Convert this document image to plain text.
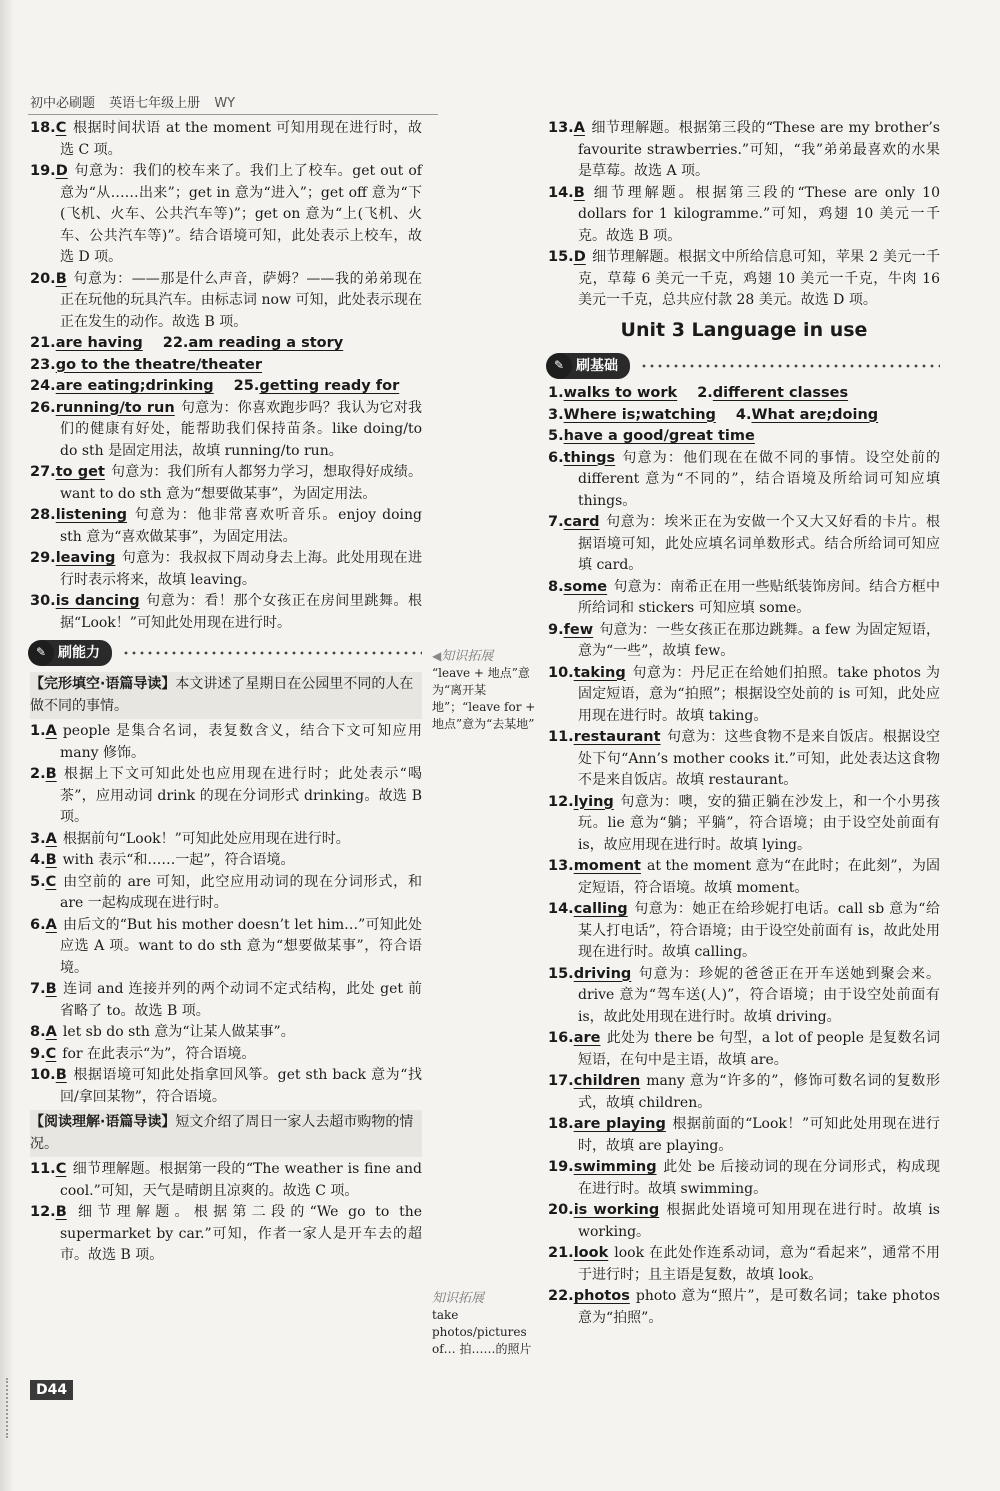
初中必刷题 英语七年级上册 WY
18.C 根据时间状语 at the moment 可知用现在进行时，故选 C 项。
19.D 句意为：我们的校车来了。我们上了校车。get out of 意为“从……出来”；get in 意为“进入”；get off 意为“下(飞机、火车、公共汽车等)”；get on 意为“上(飞机、火车、公共汽车等)”。结合语境可知，此处表示上校车，故选 D 项。
20.B 句意为：——那是什么声音，萨姆？——我的弟弟现在正在玩他的玩具汽车。由标志词 now 可知，此处表示现在正在发生的动作。故选 B 项。
21.are having 22.am reading a story
23.go to the theatre/theater
24.are eating;drinking 25.getting ready for
26.running/to run 句意为：你喜欢跑步吗？我认为它对我们的健康有好处，能帮助我们保持苗条。like doing/to do sth 是固定用法，故填 running/to run。
27.to get 句意为：我们所有人都努力学习，想取得好成绩。want to do sth 意为“想要做某事”，为固定用法。
28.listening 句意为：他非常喜欢听音乐。enjoy doing sth 意为“喜欢做某事”，为固定用法。
29.leaving 句意为：我叔叔下周动身去上海。此处用现在进行时表示将来，故填 leaving。
30.is dancing 句意为：看！那个女孩正在房间里跳舞。根据“Look！”可知此处用现在进行时。
✎ 刷能力
【完形填空·语篇导读】本文讲述了星期日在公园里不同的人在做不同的事情。
1.A people 是集合名词，表复数含义，结合下文可知应用 many 修饰。
2.B 根据上下文可知此处也应用现在进行时；此处表示“喝茶”，应用动词 drink 的现在分词形式 drinking。故选 B 项。
3.A 根据前句“Look！”可知此处应用现在进行时。
4.B with 表示“和……一起”，符合语境。
5.C 由空前的 are 可知，此空应用动词的现在分词形式，和 are 一起构成现在进行时。
6.A 由后文的“But his mother doesn’t let him…”可知此处应选 A 项。want to do sth 意为“想要做某事”，符合语境。
7.B 连词 and 连接并列的两个动词不定式结构，此处 get 前省略了 to。故选 B 项。
8.A let sb do sth 意为“让某人做某事”。
9.C for 在此表示“为”，符合语境。
10.B 根据语境可知此处指拿回风筝。get sth back 意为“找回/拿回某物”，符合语境。
【阅读理解·语篇导读】短文介绍了周日一家人去超市购物的情况。
11.C 细节理解题。根据第一段的“The weather is fine and cool.”可知，天气是晴朗且凉爽的。故选 C 项。
12.B 细节理解题。根据第二段的“We go to the supermarket by car.”可知，作者一家人是开车去的超市。故选 B 项。
◀知识拓展
“leave + 地点”意为“离开某地”；“leave for + 地点”意为“去某地”
知识拓展
take photos/pictures of… 拍……的照片
13.A 细节理解题。根据第三段的“These are my brother’s favourite strawberries.”可知，“我”弟弟最喜欢的水果是草莓。故选 A 项。
14.B 细节理解题。根据第三段的“These are only 10 dollars for 1 kilogramme.”可知，鸡翅 10 美元一千克。故选 B 项。
15.D 细节理解题。根据文中所给信息可知，苹果 2 美元一千克，草莓 6 美元一千克，鸡翅 10 美元一千克，牛肉 16 美元一千克，总共应付款 28 美元。故选 D 项。
Unit 3 Language in use
✎ 刷基础
1.walks to work 2.different classes
3.Where is;watching 4.What are;doing
5.have a good/great time
6.things 句意为：他们现在在做不同的事情。设空处前的 different 意为“不同的”，结合语境及所给词可知应填 things。
7.card 句意为：埃米正在为安做一个又大又好看的卡片。根据语境可知，此处应填名词单数形式。结合所给词可知应填 card。
8.some 句意为：南希正在用一些贴纸装饰房间。结合方框中所给词和 stickers 可知应填 some。
9.few 句意为：一些女孩正在那边跳舞。a few 为固定短语，意为“一些”，故填 few。
10.taking 句意为：丹尼正在给她们拍照。take photos 为固定短语，意为“拍照”；根据设空处前的 is 可知，此处应用现在进行时。故填 taking。
11.restaurant 句意为：这些食物不是来自饭店。根据设空处下句“Ann’s mother cooks it.”可知，此处表达这食物不是来自饭店。故填 restaurant。
12.lying 句意为：噢，安的猫正躺在沙发上，和一个小男孩玩。lie 意为“躺；平躺”，符合语境；由于设空处前面有 is，故应用现在进行时。故填 lying。
13.moment at the moment 意为“在此时；在此刻”，为固定短语，符合语境。故填 moment。
14.calling 句意为：她正在给珍妮打电话。call sb 意为“给某人打电话”，符合语境；由于设空处前面有 is，故此处用现在进行时。故填 calling。
15.driving 句意为：珍妮的爸爸正在开车送她到聚会来。drive 意为“驾车送(人)”，符合语境；由于设空处前面有 is，故此处用现在进行时。故填 driving。
16.are 此处为 there be 句型，a lot of people 是复数名词短语，在句中是主语，故填 are。
17.children many 意为“许多的”，修饰可数名词的复数形式，故填 children。
18.are playing 根据前面的“Look！”可知此处用现在进行时，故填 are playing。
19.swimming 此处 be 后接动词的现在分词形式，构成现在进行时。故填 swimming。
20.is working 根据此处语境可知用现在进行时。故填 is working。
21.look look 在此处作连系动词，意为“看起来”，通常不用于进行时；且主语是复数，故填 look。
22.photos photo 意为“照片”，是可数名词；take photos 意为“拍照”。
D44
